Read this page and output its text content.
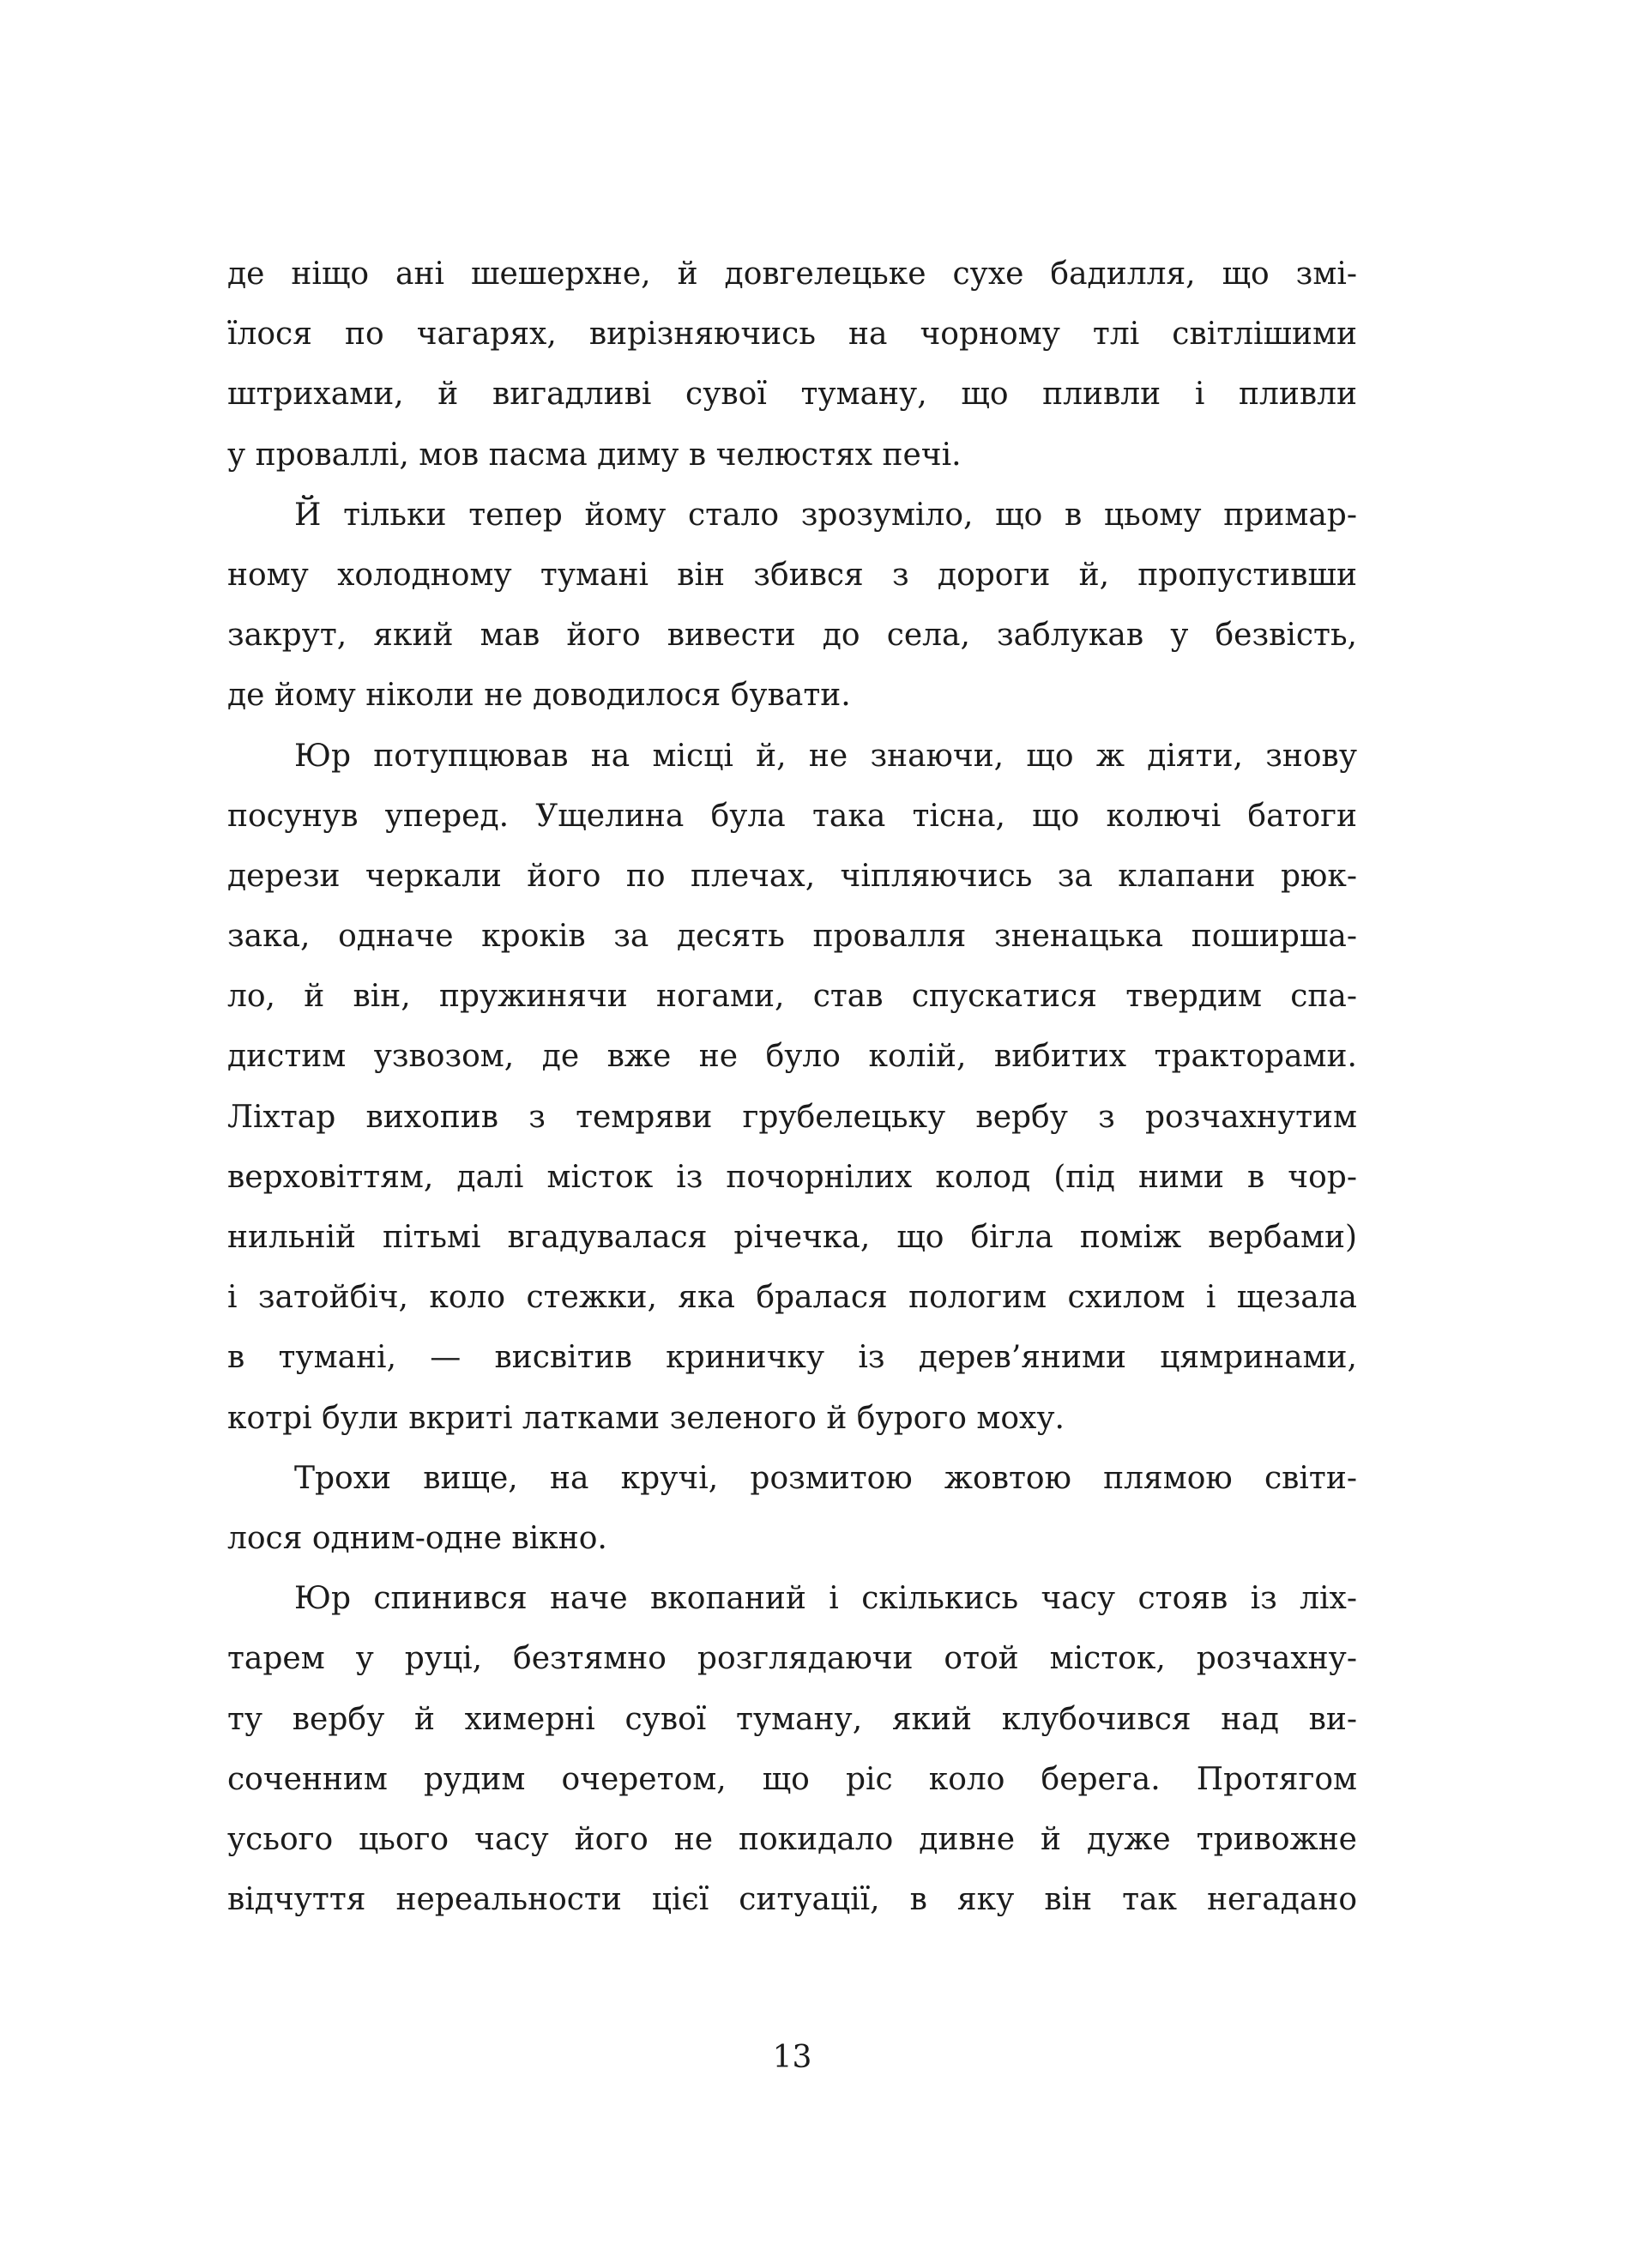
де ніщо ані шешерхне, й довгелецьке сухе бадилля, що змі-
їлося по чагарях, вирізняючись на чорному тлі світлішими
штрихами, й вигадливі сувої туману, що пливли і пливли
у проваллі, мов пасма диму в челюстях печі.
Й тільки тепер йому стало зрозуміло, що в цьому примар-
ному холодному тумані він збився з дороги й, пропустивши
закрут, який мав його вивести до села, заблукав у безвість,
де йому ніколи не доводилося бувати.
Юр потупцював на місці й, не знаючи, що ж діяти, знову
посунув уперед. Ущелина була така тісна, що колючі батоги
дерези черкали його по плечах, чіпляючись за клапани рюк-
зака, одначе кроків за десять провалля зненацька поширша-
ло, й він, пружинячи ногами, став спускатися твердим спа-
дистим узвозом, де вже не було колій, вибитих тракторами.
Ліхтар вихопив з темряви грубелецьку вербу з розчахнутим
верховіттям, далі місток із почорнілих колод (під ними в чор-
нильній пітьмі вгадувалася річечка, що бігла поміж вербами)
і затойбіч, коло стежки, яка бралася пологим схилом і щезала
в тумані, — висвітив криничку із дерев’яними цямринами,
котрі були вкриті латками зеленого й бурого моху.
Трохи вище, на кручі, розмитою жовтою плямою світи-
лося одним-одне вікно.
Юр спинився наче вкопаний і скількись часу стояв із ліх-
тарем у руці, безтямно розглядаючи отой місток, розчахну-
ту вербу й химерні сувої туману, який клубочився над ви-
соченним рудим очеретом, що ріс коло берега. Протягом
усього цього часу його не покидало дивне й дуже тривожне
відчуття нереальности цієї ситуації, в яку він так негадано
13
